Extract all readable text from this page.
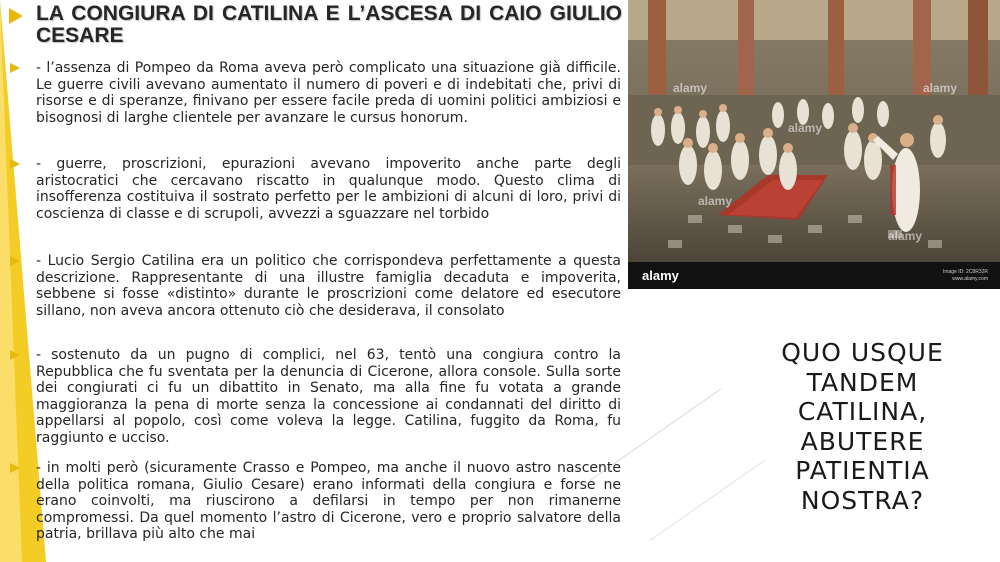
LA CONGIURA DI CATILINA E L’ASCESA DI CAIO GIULIO CESARE

- l’assenza di Pompeo da Roma aveva però complicato una situazione già difficile. Le guerre civili avevano aumentato il numero di poveri e di indebitati che, privi di risorse e di speranze, finivano per essere facile preda di uomini politici ambiziosi e bisognosi di larghe clientele per avanzare le cursus honorum.

- guerre, proscrizioni, epurazioni avevano impoverito anche parte degli aristocratici che cercavano riscatto in qualunque modo. Questo clima di insofferenza costituiva il sostrato perfetto per le ambizioni di alcuni di loro, privi di coscienza di classe e di scrupoli, avvezzi a sguazzare nel torbido

- Lucio Sergio Catilina era un politico che corrispondeva perfettamente a questa descrizione. Rappresentante di una illustre famiglia decaduta e impoverita, sebbene si fosse «distinto» durante le proscrizioni come delatore ed esecutore sillano, non aveva ancora ottenuto ciò che desiderava, il consolato

- sostenuto da un pugno di complici, nel 63, tentò una congiura contro la Repubblica che fu sventata per la denuncia di Cicerone, allora console. Sulla sorte dei congiurati ci fu un dibattito in Senato, ma alla fine fu votata a grande maggioranza la pena di morte senza la concessione ai condannati del diritto di appellarsi al popolo, così come voleva la legge. Catilina, fuggito da Roma, fu raggiunto e ucciso.

- in molti però (sicuramente Crasso e Pompeo, ma anche il nuovo astro nascente della politica romana, Giulio Cesare) erano informati della congiura e forse ne erano coinvolti, ma riuscirono a defilarsi in tempo per non rimanerne compromessi. Da quel momento l’astro di Cicerone, vero e proprio salvatore della patria, brillava più alto che mai

alamy
alamy
alamy
alamy
alamy
alamy	Image ID: 2C8R32R
www.alamy.com
QUO USQUE
TANDEM
CATILINA,
ABUTERE
PATIENTIA
NOSTRA?
